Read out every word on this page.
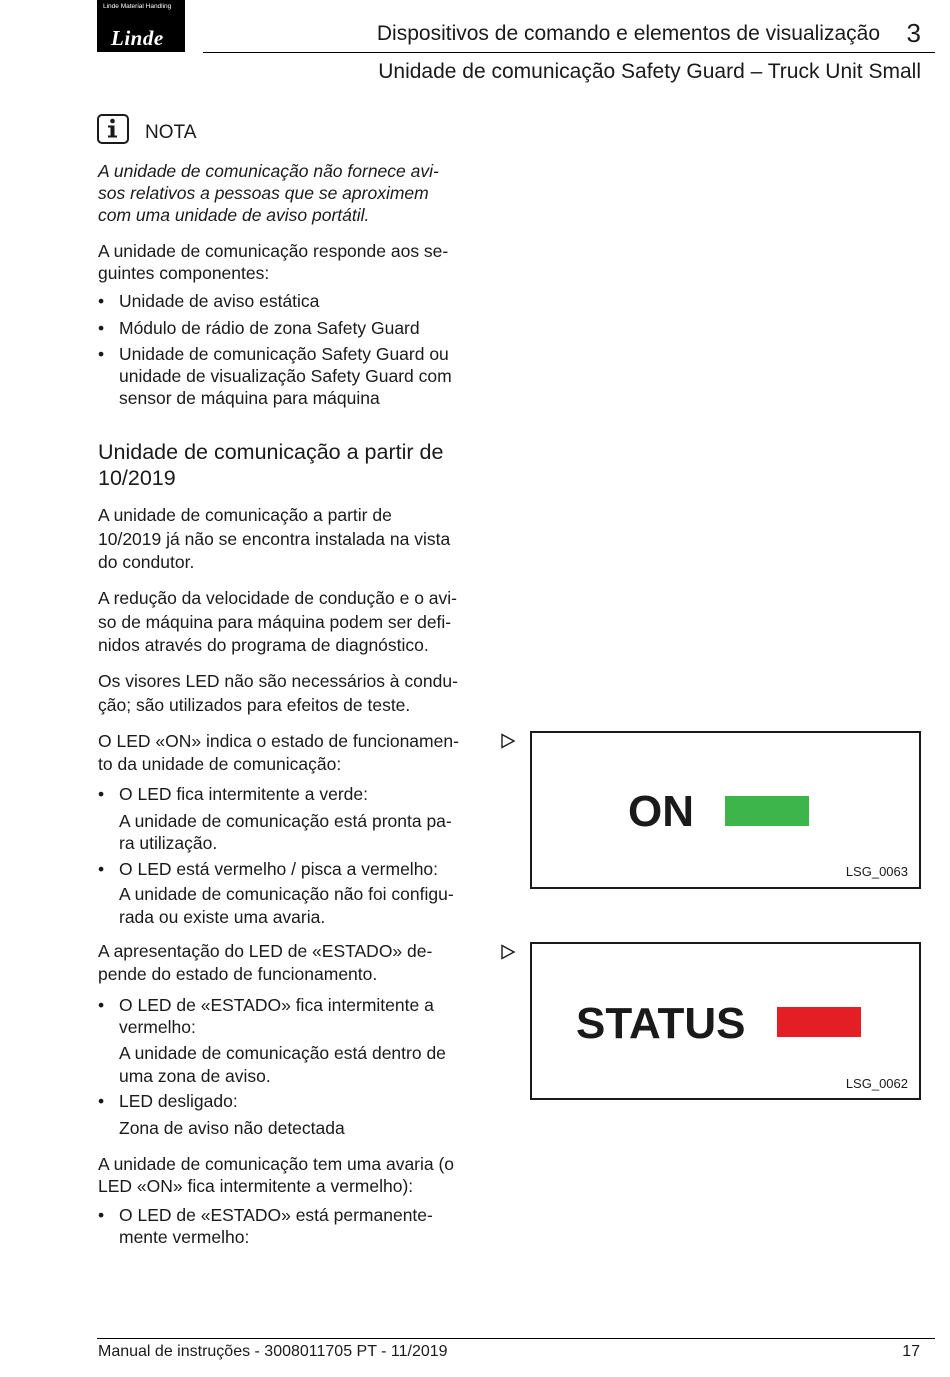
Linde Material Handling
Linde	Dispositivos de comando e elementos de visualização 3
Unidade de comunicação Safety Guard – Truck Unit Small
NOTA
A unidade de comunicação não fornece avi-
sos relativos a pessoas que se aproximem
com uma unidade de aviso portátil.
A unidade de comunicação responde aos se-
guintes componentes:
• Unidade de aviso estática
• Módulo de rádio de zona Safety Guard
• Unidade de comunicação Safety Guard ou
unidade de visualização Safety Guard com
sensor de máquina para máquina
Unidade de comunicação a partir de
10/2019
A unidade de comunicação a partir de
10/2019 já não se encontra instalada na vista
do condutor.
A redução da velocidade de condução e o avi-
so de máquina para máquina podem ser defi-
nidos através do programa de diagnóstico.
Os visores LED não são necessários à condu-
ção; são utilizados para efeitos de teste.
O LED «ON» indica o estado de funcionamen-
to da unidade de comunicação:
• O LED fica intermitente a verde:
A unidade de comunicação está pronta pa-
ra utilização.
• O LED está vermelho / pisca a vermelho:
A unidade de comunicação não foi configu-
rada ou existe uma avaria.
A apresentação do LED de «ESTADO» de-
pende do estado de funcionamento.
• O LED de «ESTADO» fica intermitente a
vermelho:
A unidade de comunicação está dentro de
uma zona de aviso.
• LED desligado:
Zona de aviso não detectada
A unidade de comunicação tem uma avaria (o
LED «ON» fica intermitente a vermelho):
• O LED de «ESTADO» está permanente-
mente vermelho:
ON
LSG_0063
STATUS
LSG_0062
Manual de instruções - 3008011705 PT - 11/2019	17
